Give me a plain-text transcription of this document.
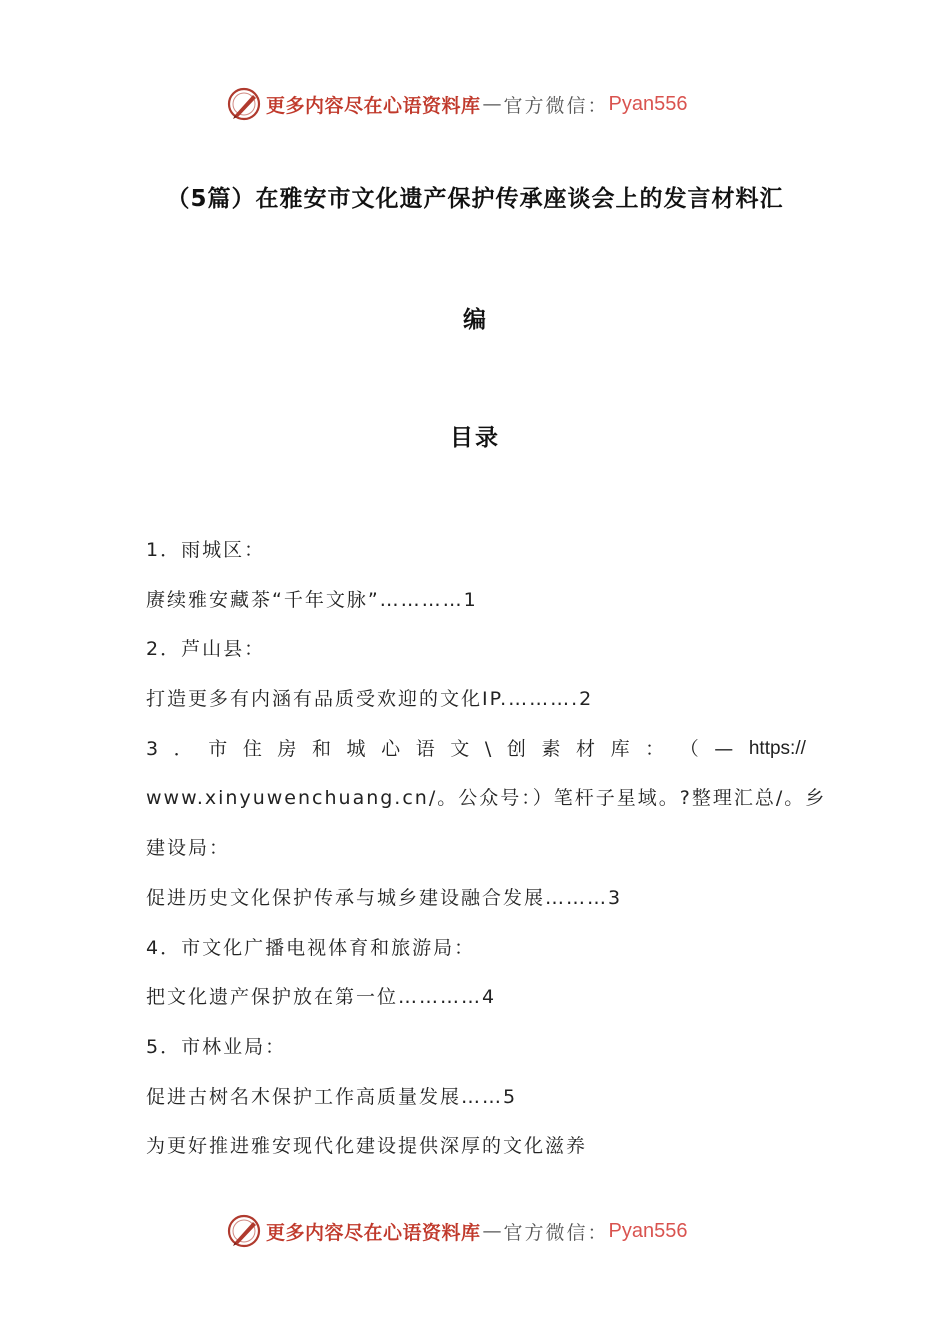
更多内容尽在心语资料库 — 官方微信： Pyan556
（5篇）在雅安市文化遗产保护传承座谈会上的发言材料汇
编
目录
1．雨城区：
赓续雅安藏茶“千年文脉”…………1
2．芦山县：
打造更多有内涵有品质受欢迎的文化IP.……….2
3 ． 市 住 房 和 城 心 语 文 \ 创 素 材 库 ： （ — https://
www.xinyuwenchuang.cn/。公众号：）笔杆子星域。?整理汇总/。乡
建设局：
促进历史文化保护传承与城乡建设融合发展………3
4．市文化广播电视体育和旅游局：
把文化遗产保护放在第一位…………4
5．市林业局：
促进古树名木保护工作高质量发展……5
为更好推进雅安现代化建设提供深厚的文化滋养
更多内容尽在心语资料库 — 官方微信： Pyan556
